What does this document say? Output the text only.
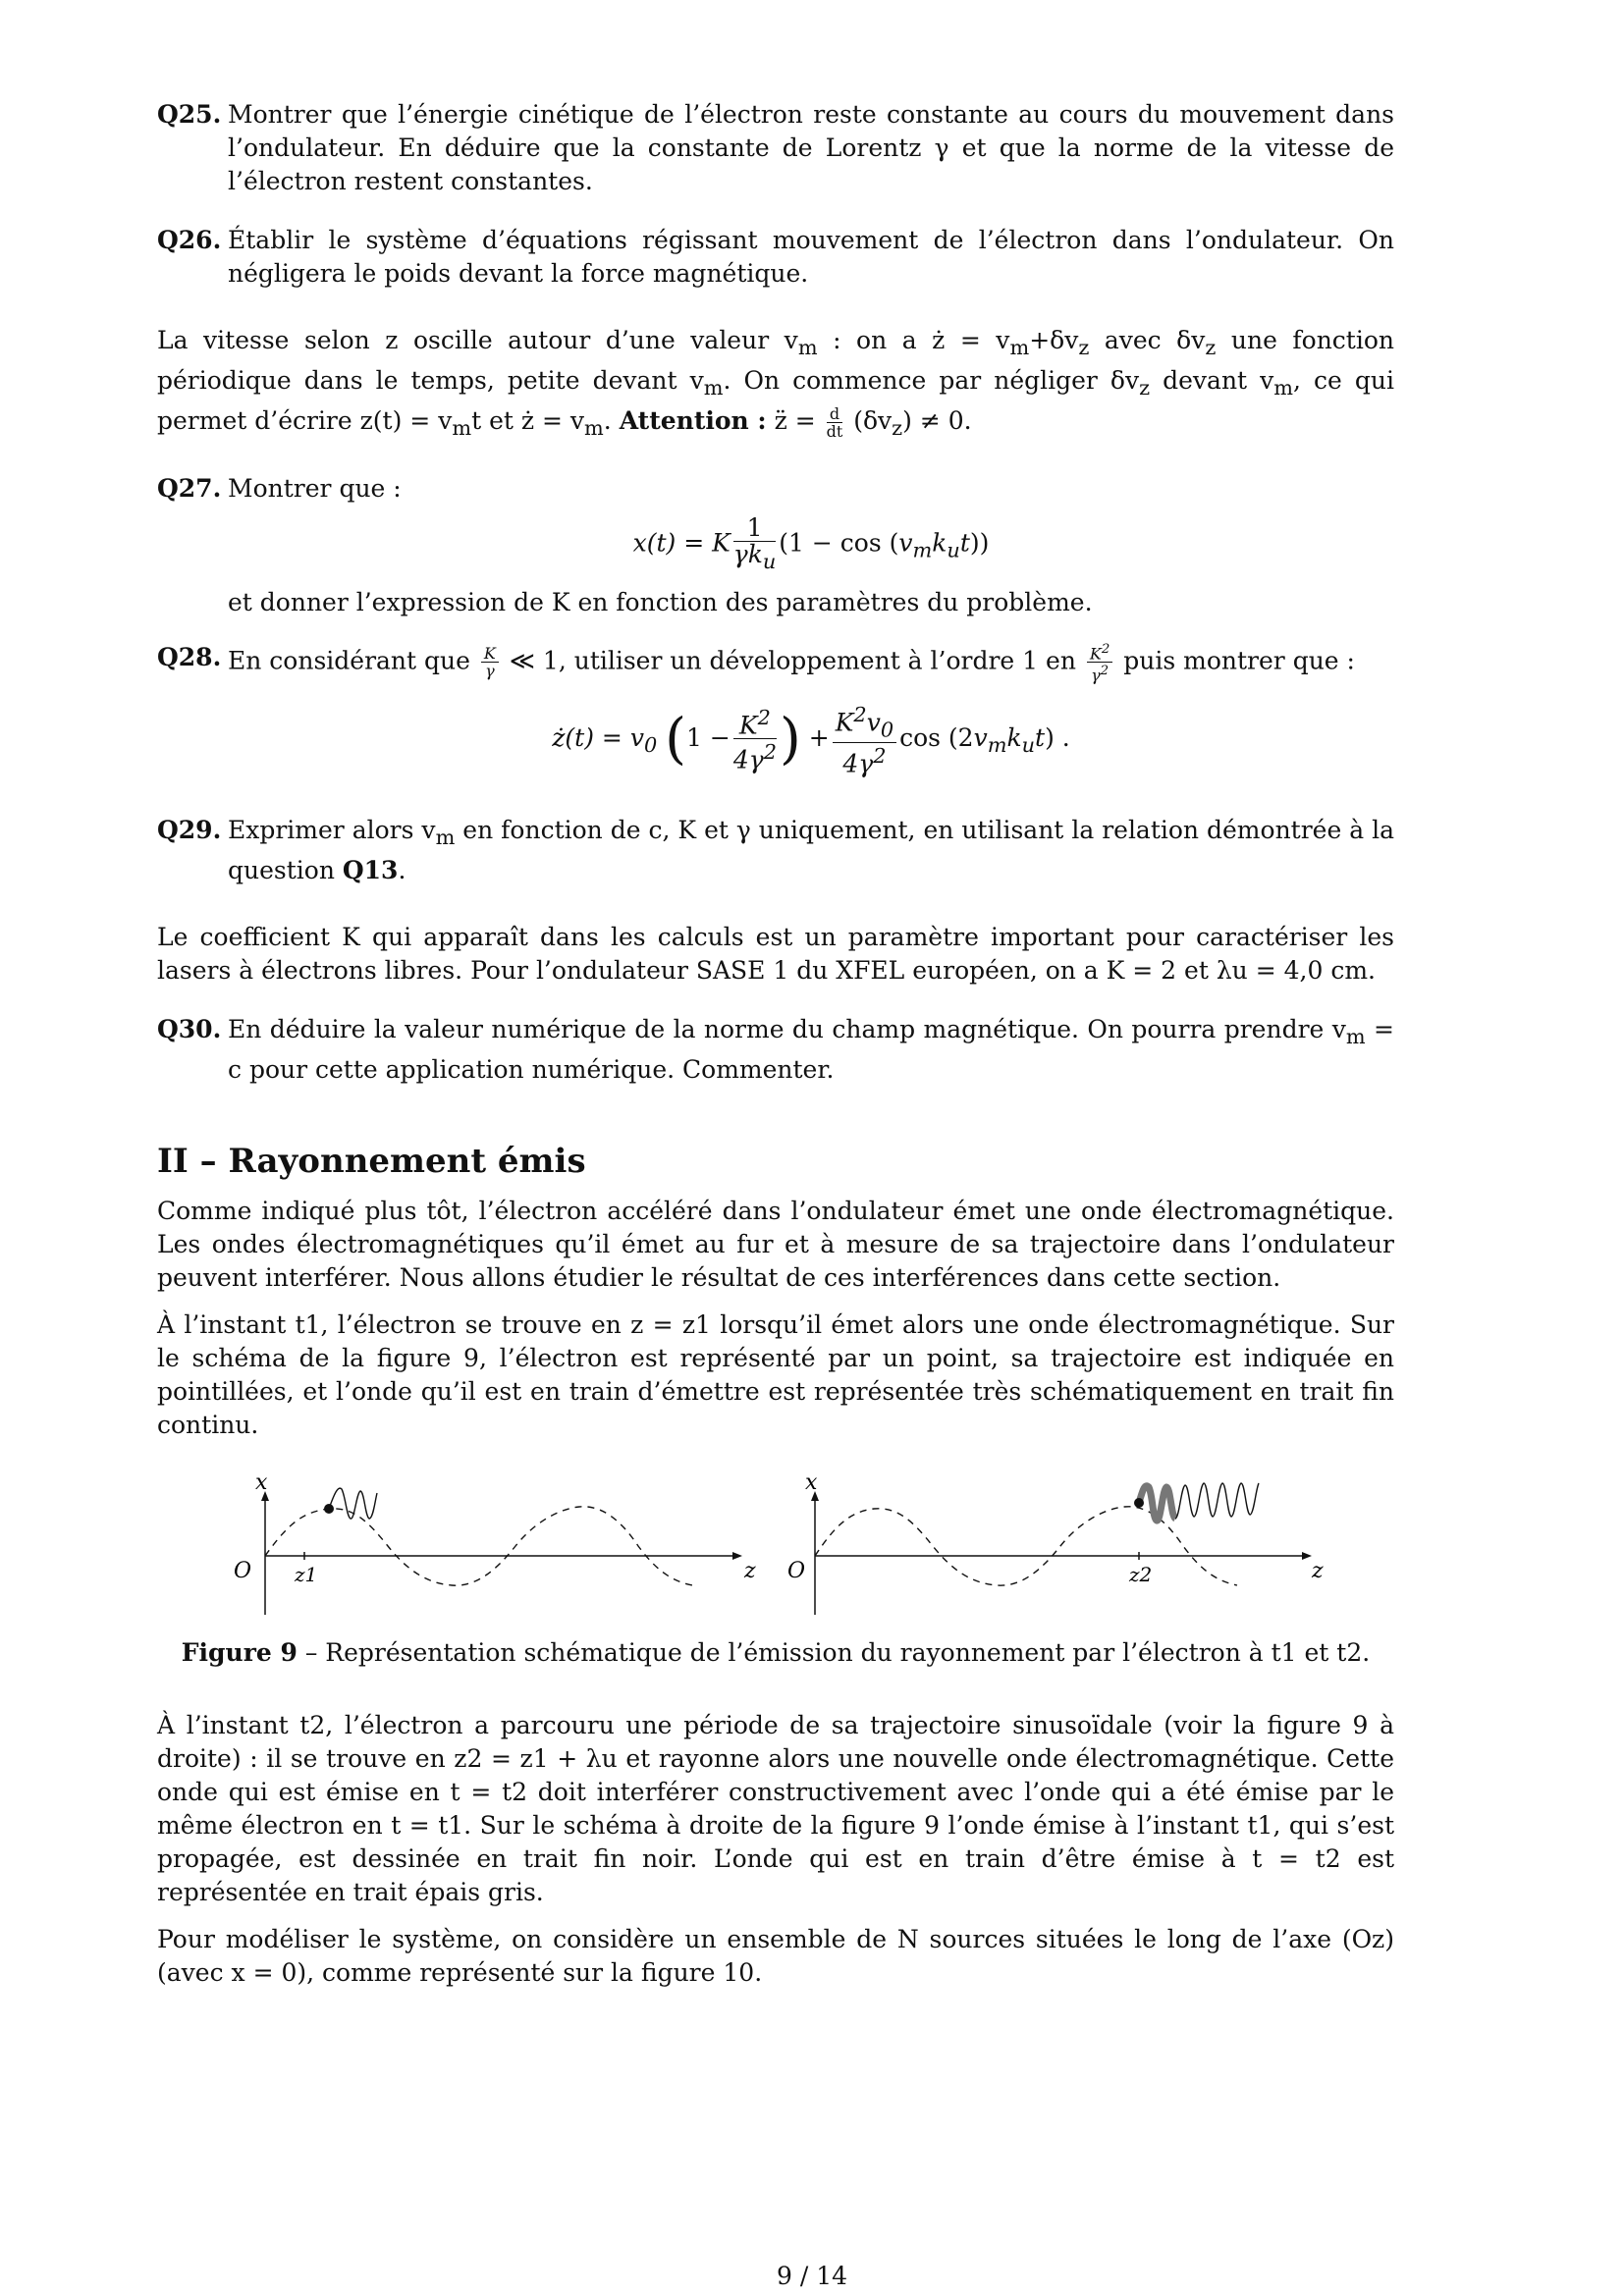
Q25. Montrer que l’énergie cinétique de l’électron reste constante au cours du mouvement dans l’ondulateur. En déduire que la constante de Lorentz γ et que la norme de la vitesse de l’électron restent constantes.
Q26. Établir le système d’équations régissant mouvement de l’électron dans l’ondulateur. On négligera le poids devant la force magnétique.

La vitesse selon z oscille autour d’une valeur $v_m$ : on a ż = $v_m+\delta v_z$ avec $\delta v_z$ une fonction périodique dans le temps, petite devant $v_m$. On commence par négliger $\delta v_z$ devant $v_m$, ce qui permet d’écrire $z(t) = v_mt$ et ż = $v_m$. Attention : z̈ = $\frac{d}{dt} (\delta v_z) \ne 0$.

Q27. Montrer que :
x(t) = K $\frac{1}{\gamma k_u} (1 - \cos (v_mk_ut))$
et donner l’expression de K en fonction des paramètres du problème.
Q28. En considérant que $\frac{K}{\gamma}$ ≪ 1, utiliser un développement à l’ordre 1 en $\frac{K^2}{\gamma^2}$ puis montrer que :
ż(t) = $v_0$ ($1 - \frac{K^2}{4\gamma^2}$ ) + $\frac{K^2v_0}{4\gamma^2}$ $\cos (2v_mk_ut)$ .
Q29. Exprimer alors $v_m$ en fonction de c, K et γ uniquement, en utilisant la relation démontrée à la question Q13.

Le coefficient K qui apparaît dans les calculs est un paramètre important pour caractériser les lasers à électrons libres. Pour l’ondulateur SASE 1 du XFEL européen, on a K = 2 et λu = 4,0 cm.

Q30. En déduire la valeur numérique de la norme du champ magnétique. On pourra prendre $v_m = c$ pour cette application numérique. Commenter.
II – Rayonnement émis

Comme indiqué plus tôt, l’électron accéléré dans l’ondulateur émet une onde électromagnétique. Les ondes électromagnétiques qu’il émet au fur et à mesure de sa trajectoire dans l’ondulateur peuvent interférer. Nous allons étudier le résultat de ces interférences dans cette section.

À l’instant t1, l’électron se trouve en z = z1 lorsqu’il émet alors une onde électromagnétique. Sur le schéma de la figure 9, l’électron est représenté par un point, sa trajectoire est indiquée en pointillées, et l’onde qu’il est en train d’émettre est représentée très schématiquement en trait fin continu.

x
O	z
z1
x
O	z
z2
Figure 9 – Représentation schématique de l’émission du rayonnement par l’électron à t1 et t2.

À l’instant t2, l’électron a parcouru une période de sa trajectoire sinusoïdale (voir la figure 9 à droite) : il se trouve en z2 = z1 + λu et rayonne alors une nouvelle onde électromagnétique. Cette onde qui est émise en t = t2 doit interférer constructivement avec l’onde qui a été émise par le même électron en t = t1. Sur le schéma à droite de la figure 9 l’onde émise à l’instant t1, qui s’est propagée, est dessinée en trait fin noir. L’onde qui est en train d’être émise à t = t2 est représentée en trait épais gris.

Pour modéliser le système, on considère un ensemble de N sources situées le long de l’axe (Oz) (avec x = 0), comme représenté sur la figure 10.

9 / 14
